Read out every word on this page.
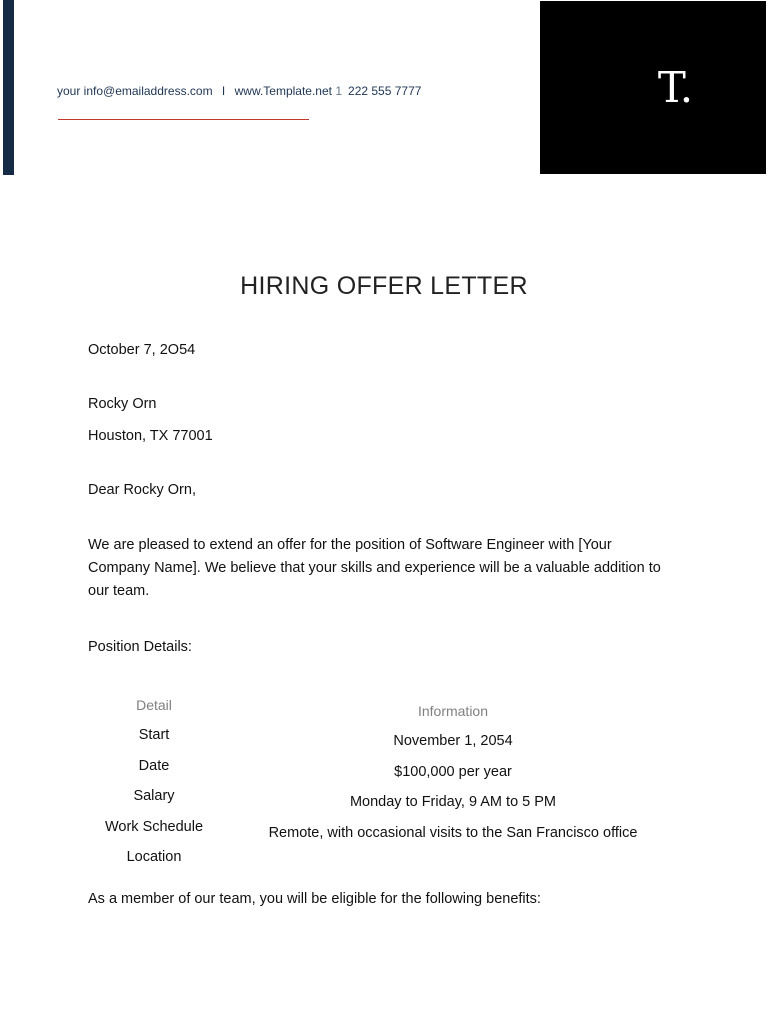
your info@emailaddress.com I www.Template.net 1 222 555 7777	T.
HIRING OFFER LETTER
October 7, 2O54
Rocky Orn
Houston, TX 77001
Dear Rocky Orn,
We are pleased to extend an offer for the position of Software Engineer with [Your Company Name]. We believe that your skills and experience will be a valuable addition to our team.
Position Details:
Detail
Start
Date
Salary
Work Schedule
Location
Information
November 1, 2054
$100,000 per year
Monday to Friday, 9 AM to 5 PM
Remote, with occasional visits to the San Francisco office
As a member of our team, you will be eligible for the following benefits:
